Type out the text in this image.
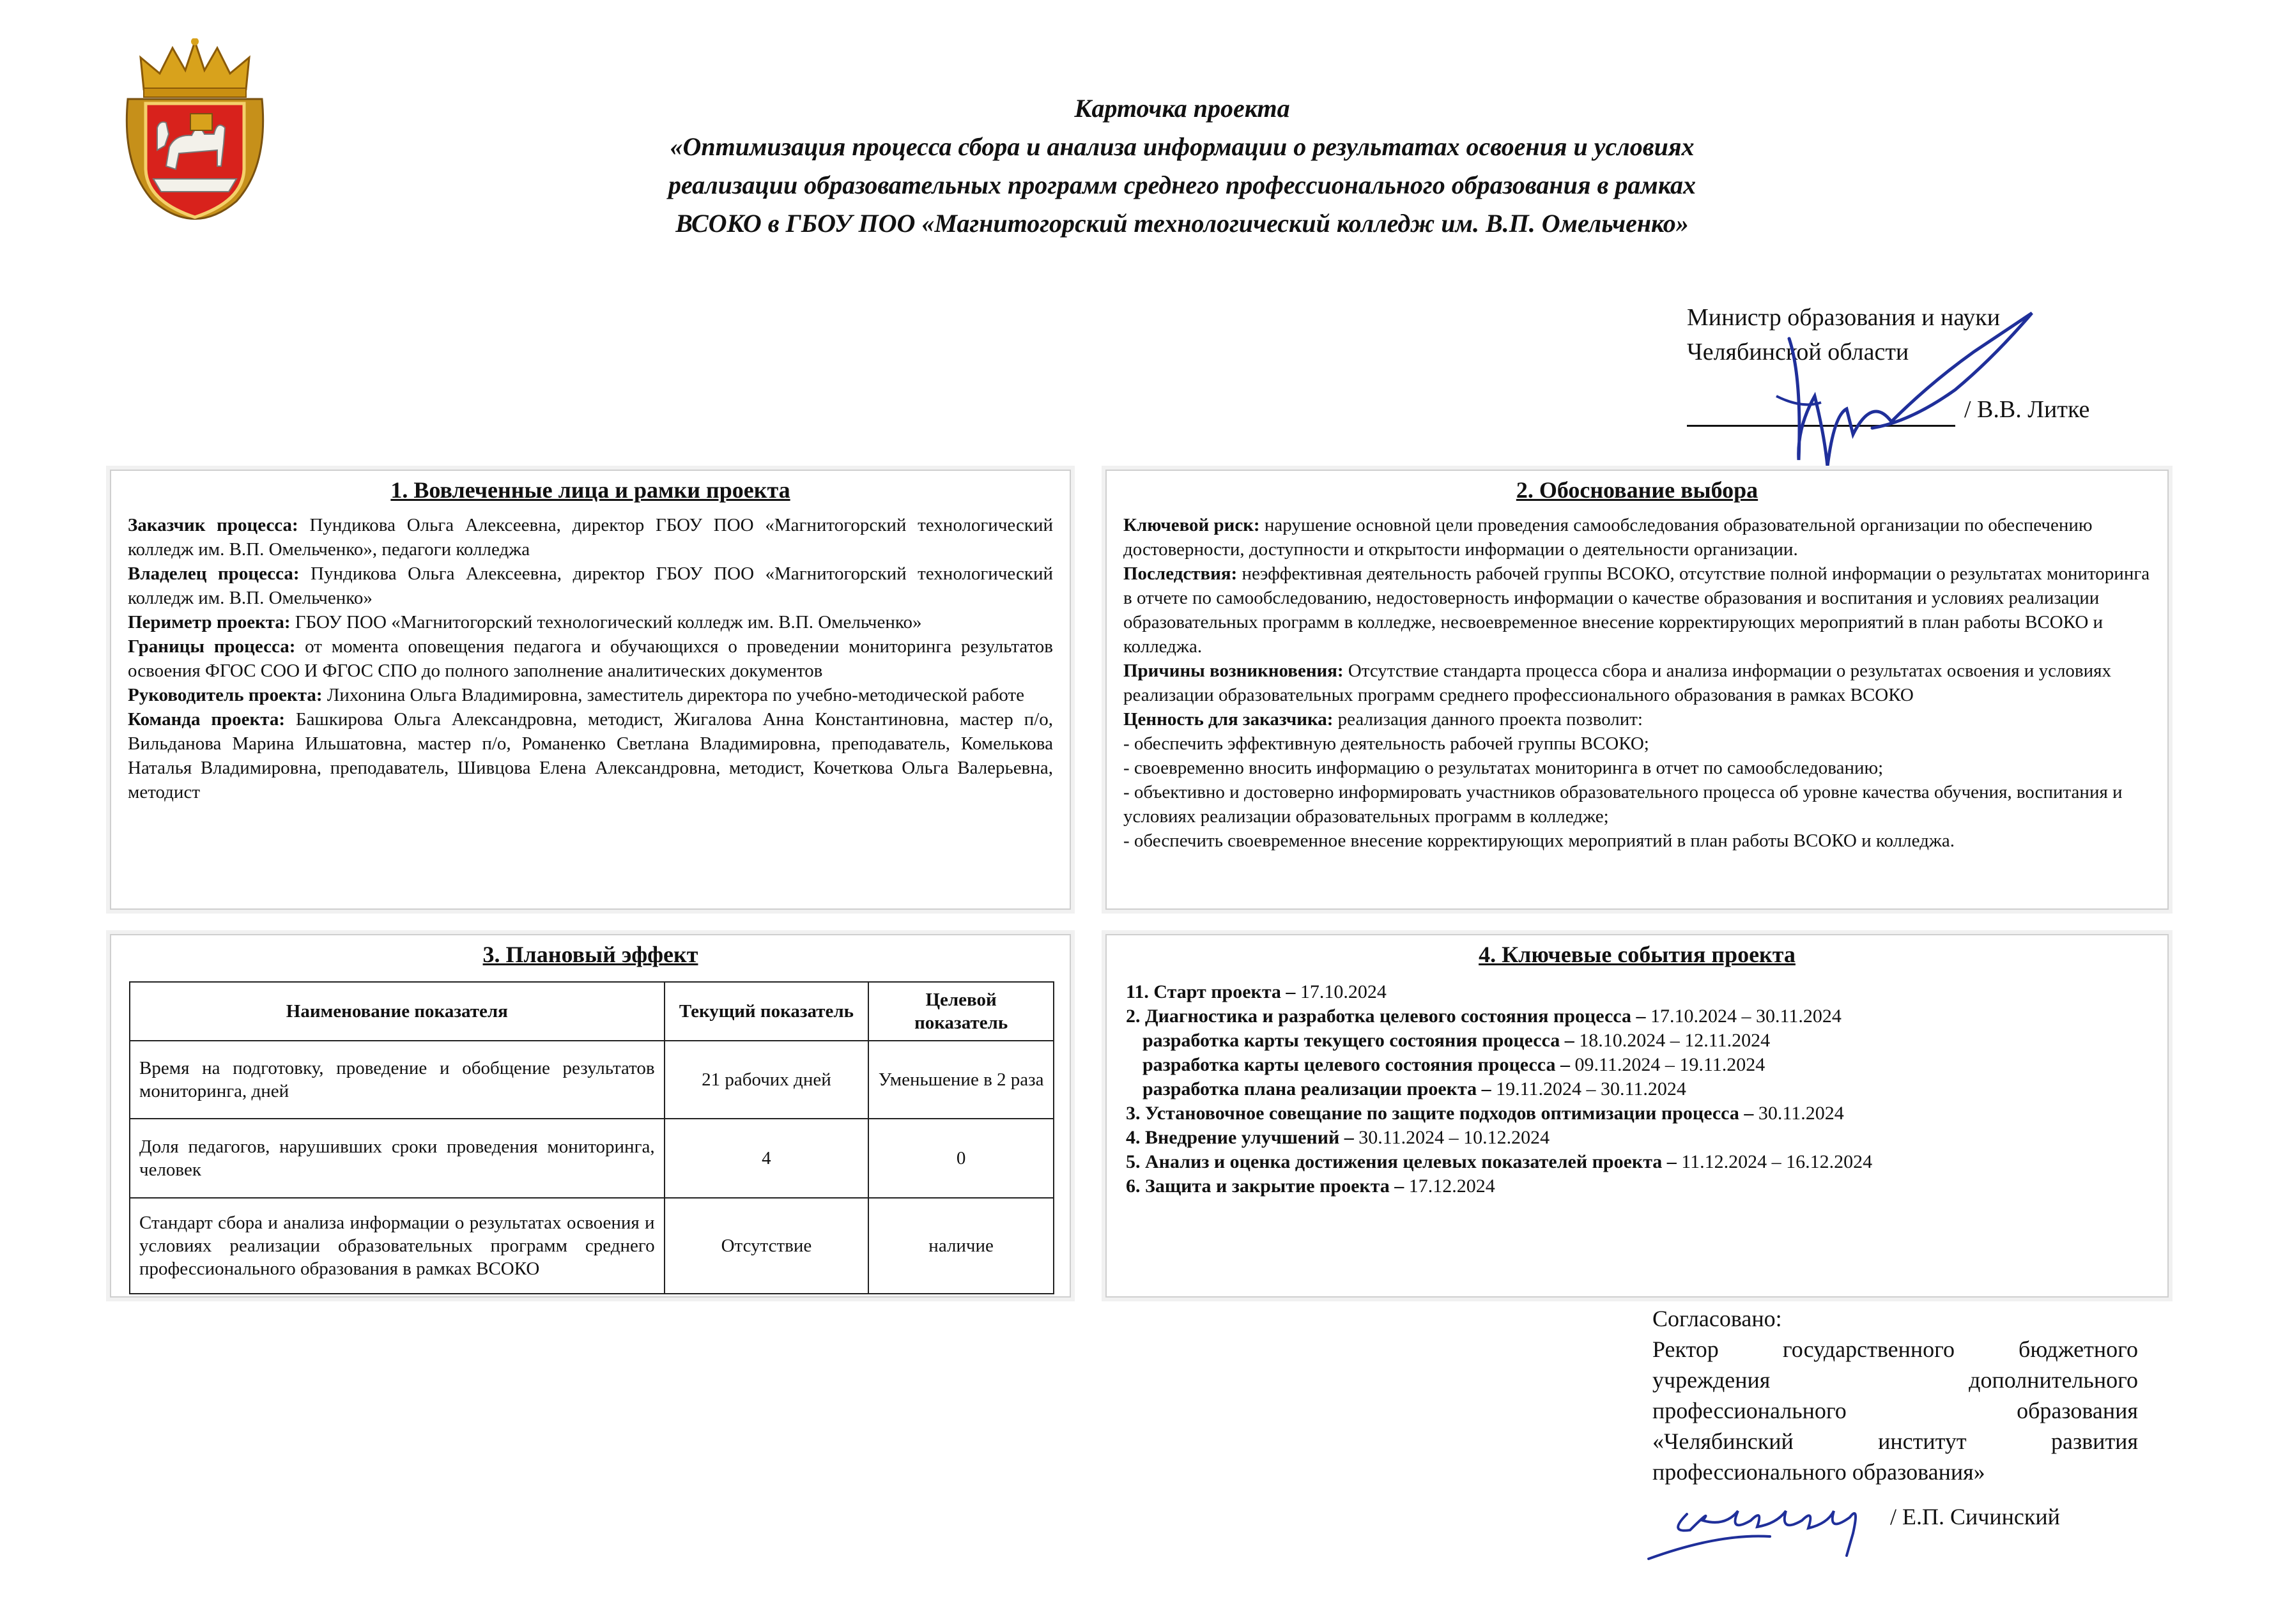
Карточка проекта
«Оптимизация процесса сбора и анализа информации о результатах освоения и условиях
реализации образовательных программ среднего профессионального образования в рамках
ВСОКО в ГБОУ ПОО «Магнитогорский технологический колледж им. В.П. Омельченко»
Министр образования и науки
Челябинской области
/ В.В. Литке
1. Вовлеченные лица и рамки проекта

Заказчик процесса: Пундикова Ольга Алексеевна, директор ГБОУ ПОО «Магнитогорский технологический колледж им. В.П. Омельченко», педагоги колледжа

Владелец процесса: Пундикова Ольга Алексеевна, директор ГБОУ ПОО «Магнитогорский технологический колледж им. В.П. Омельченко»

Периметр проекта: ГБОУ ПОО «Магнитогорский технологический колледж им. В.П. Омельченко»

Границы процесса: от момента оповещения педагога и обучающихся о проведении мониторинга результатов освоения ФГОС СОО И ФГОС СПО до полного заполнение аналитических документов

Руководитель проекта: Лихонина Ольга Владимировна, заместитель директора по учебно-методической работе

Команда проекта: Башкирова Ольга Александровна, методист, Жигалова Анна Константиновна, мастер п/о, Вильданова Марина Ильшатовна, мастер п/о, Романенко Светлана Владимировна, преподаватель, Комелькова Наталья Владимировна, преподаватель, Шивцова Елена Александровна, методист, Кочеткова Ольга Валерьевна, методист

2. Обоснование выбора

Ключевой риск: нарушение основной цели проведения самообследования образовательной организации по обеспечению достоверности, доступности и открытости информации о деятельности организации.

Последствия: неэффективная деятельность рабочей группы ВСОКО, отсутствие полной информации о результатах мониторинга в отчете по самообследованию, недостоверность информации о качестве образования и воспитания и условиях реализации образовательных программ в колледже, несвоевременное внесение корректирующих мероприятий в план работы ВСОКО и колледжа.

Причины возникновения: Отсутствие стандарта процесса сбора и анализа информации о результатах освоения и условиях реализации образовательных программ среднего профессионального образования в рамках ВСОКО

Ценность для заказчика: реализация данного проекта позволит:

- обеспечить эффективную деятельность рабочей группы ВСОКО;

- своевременно вносить информацию о результатах мониторинга в отчет по самообследованию;

- объективно и достоверно информировать участников образовательного процесса об уровне качества обучения, воспитания и условиях реализации образовательных программ в колледже;

- обеспечить своевременное внесение корректирующих мероприятий в план работы ВСОКО и колледжа.

3. Плановый эффект
Наименование показателя	Текущий показатель	Целевой показатель
Время на подготовку, проведение и обобщение результатов мониторинга, дней	21 рабочих дней	Уменьшение в 2 раза
Доля педагогов, нарушивших сроки проведения мониторинга, человек	4	0
Стандарт сбора и анализа информации о результатах освоения и условиях реализации образовательных программ среднего профессионального образования в рамках ВСОКО	Отсутствие	наличие
4. Ключевые события проекта
11. Старт проекта – 17.10.2024
2. Диагностика и разработка целевого состояния процесса – 17.10.2024 – 30.11.2024
разработка карты текущего состояния процесса – 18.10.2024 – 12.11.2024
разработка карты целевого состояния процесса – 09.11.2024 – 19.11.2024
разработка плана реализации проекта – 19.11.2024 – 30.11.2024
3. Установочное совещание по защите подходов оптимизации процесса – 30.11.2024
4. Внедрение улучшений – 30.11.2024 – 10.12.2024
5. Анализ и оценка достижения целевых показателей проекта – 11.12.2024 – 16.12.2024
6. Защита и закрытие проекта – 17.12.2024
Согласовано:
Ректор государственного бюджетного
учреждения дополнительного
профессионального образования
«Челябинский институт развития
профессионального образования»
/ Е.П. Сичинский
